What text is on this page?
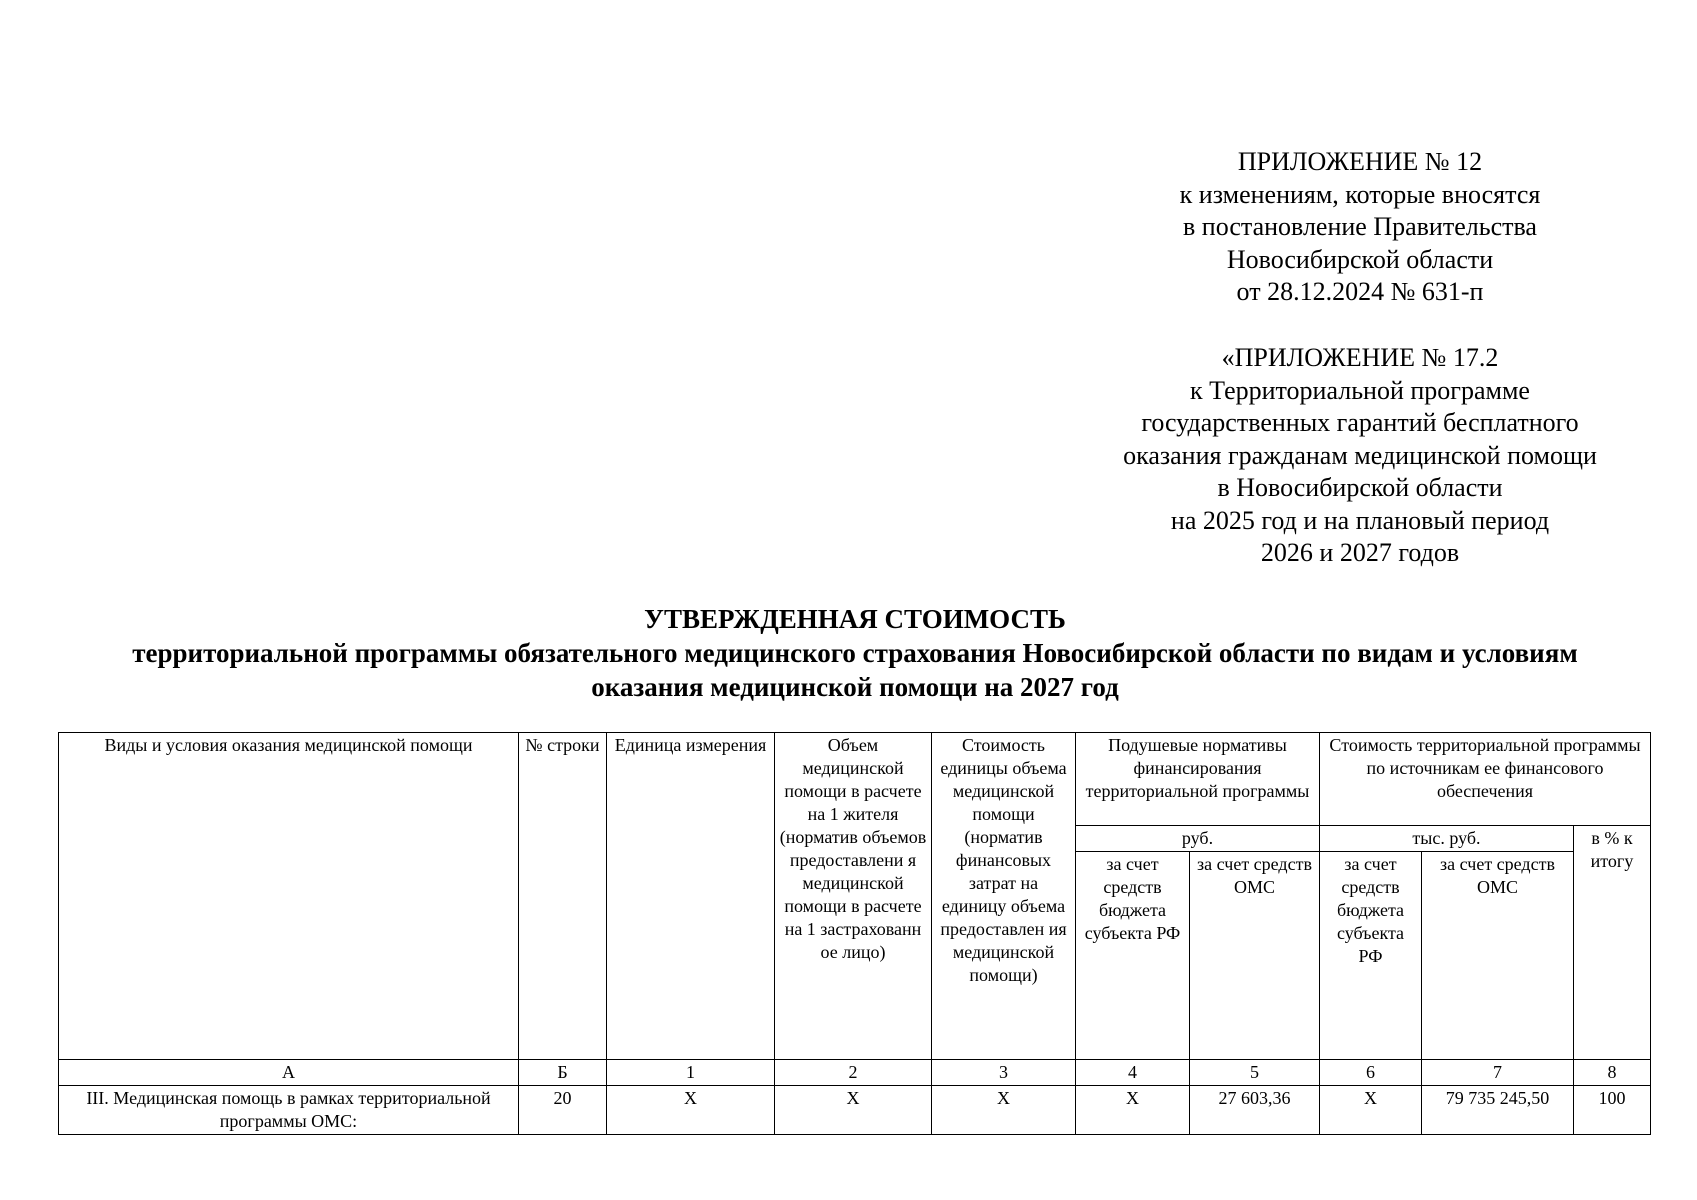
ПРИЛОЖЕНИЕ № 12
к изменениям, которые вносятся
в постановление Правительства
Новосибирской области
от 28.12.2024 № 631-п
«ПРИЛОЖЕНИЕ № 17.2
к Территориальной программе
государственных гарантий бесплатного
оказания гражданам медицинской помощи
в Новосибирской области
на 2025 год и на плановый период
2026 и 2027 годов
УТВЕРЖДЕННАЯ СТОИМОСТЬ
территориальной программы обязательного медицинского страхования Новосибирской области по видам и условиям
оказания медицинской помощи на 2027 год
Виды и условия оказания медицинской помощи	№ строки	Единица измерения	Объем медицинской помощи в расчете на 1 жителя (норматив объемов предоставлени я медицинской помощи в расчете на 1 застрахованн ое лицо)	Стоимость единицы объема медицинской помощи (норматив финансовых затрат на единицу объема предоставлен ия медицинской помощи)	Подушевые нормативы финансирования территориальной программы		Стоимость территориальной программы по источникам ее финансового обеспечения		
					руб.		тыс. руб.		в % к итогу
					за счет средств бюджета субъекта РФ	за счет средств ОМС	за счет средств бюджета субъекта РФ	за счет средств ОМС	
А	Б	1	2	3	4	5	6	7	8
III. Медицинская помощь в рамках территориальной программы ОМС:	20	Х	Х	Х	Х	27 603,36	Х	79 735 245,50	100
